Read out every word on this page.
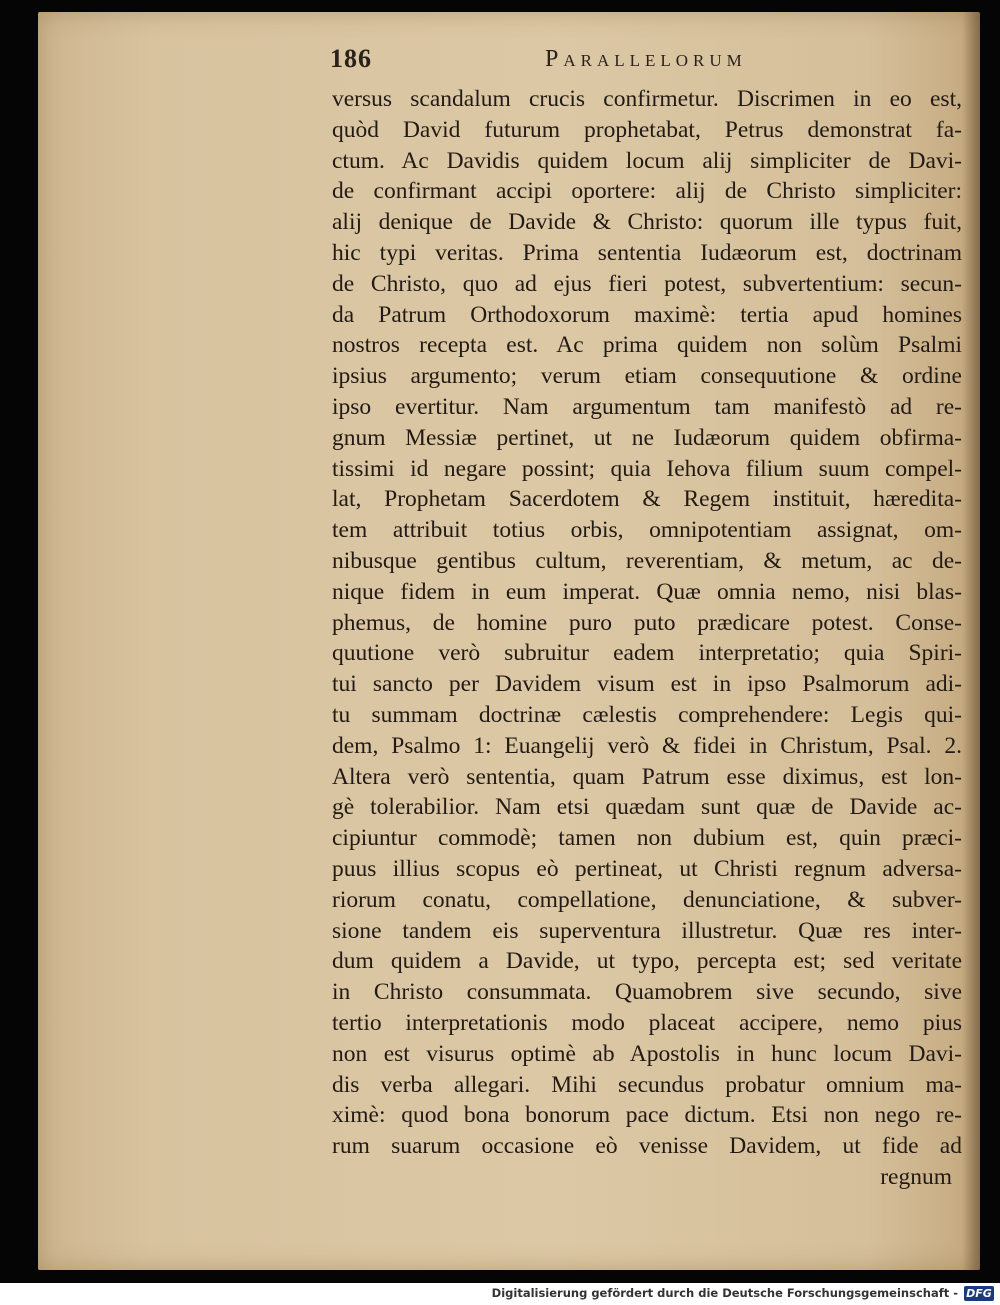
186	Parallelorum
versus scandalum crucis confirmetur. Discrimen in eo est,
quòd David futurum prophetabat, Petrus demonstrat fa-
ctum. Ac Davidis quidem locum alij simpliciter de Davi-
de confirmant accipi oportere: alij de Christo simpliciter:
alij denique de Davide & Christo: quorum ille typus fuit,
hic typi veritas. Prima sententia Iudæorum est, doctrinam
de Christo, quo ad ejus fieri potest, subvertentium: secun-
da Patrum Orthodoxorum maximè: tertia apud homines
nostros recepta est. Ac prima quidem non solùm Psalmi
ipsius argumento; verum etiam consequutione & ordine
ipso evertitur. Nam argumentum tam manifestò ad re-
gnum Messiæ pertinet, ut ne Iudæorum quidem obfirma-
tissimi id negare possint; quia Iehova filium suum compel-
lat, Prophetam Sacerdotem & Regem instituit, hæredita-
tem attribuit totius orbis, omnipotentiam assignat, om-
nibusque gentibus cultum, reverentiam, & metum, ac de-
nique fidem in eum imperat. Quæ omnia nemo, nisi blas-
phemus, de homine puro puto prædicare potest. Conse-
quutione verò subruitur eadem interpretatio; quia Spiri-
tui sancto per Davidem visum est in ipso Psalmorum adi-
tu summam doctrinæ cælestis comprehendere: Legis qui-
dem, Psalmo 1: Euangelij verò & fidei in Christum, Psal. 2.
Altera verò sententia, quam Patrum esse diximus, est lon-
gè tolerabilior. Nam etsi quædam sunt quæ de Davide ac-
cipiuntur commodè; tamen non dubium est, quin præci-
puus illius scopus eò pertineat, ut Christi regnum adversa-
riorum conatu, compellatione, denunciatione, & subver-
sione tandem eis superventura illustretur. Quæ res inter-
dum quidem a Davide, ut typo, percepta est; sed veritate
in Christo consummata. Quamobrem sive secundo, sive
tertio interpretationis modo placeat accipere, nemo pius
non est visurus optimè ab Apostolis in hunc locum Davi-
dis verba allegari. Mihi secundus probatur omnium ma-
ximè: quod bona bonorum pace dictum. Etsi non nego re-
rum suarum occasione eò venisse Davidem, ut fide ad
regnum
Digitalisierung gefördert durch die Deutsche Forschungsgemeinschaft - DFG
